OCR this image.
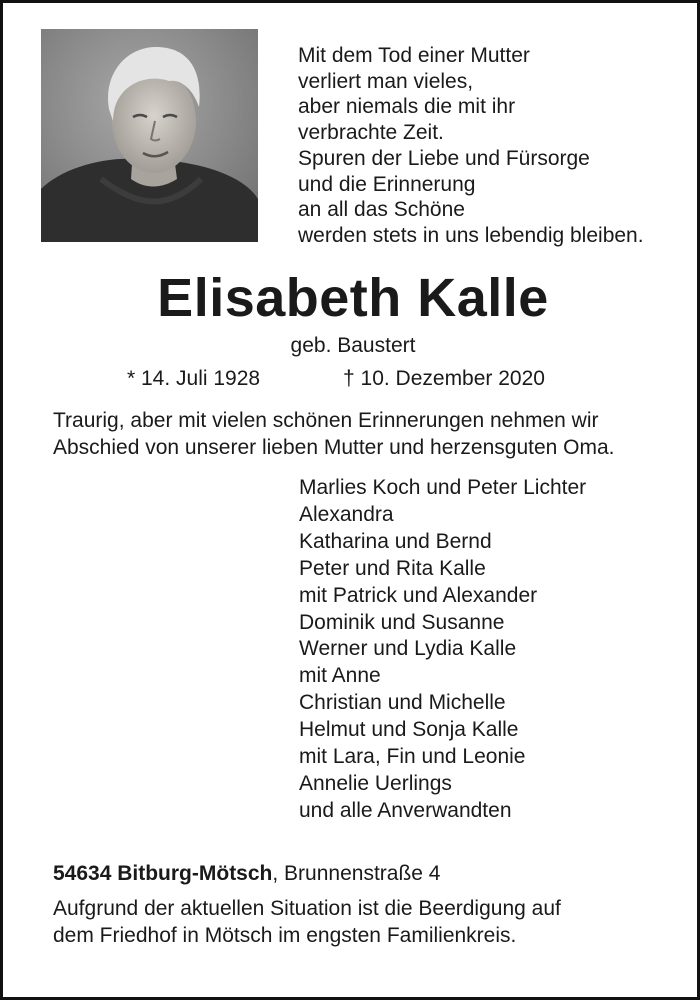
Mit dem Tod einer Mutter
verliert man vieles,
aber niemals die mit ihr
verbrachte Zeit.
Spuren der Liebe und Fürsorge
und die Erinnerung
an all das Schöne
werden stets in uns lebendig bleiben.
Elisabeth Kalle
geb. Baustert
* 14. Juli 1928	† 10. Dezember 2020
Traurig, aber mit vielen schönen Erinnerungen nehmen wir
Abschied von unserer lieben Mutter und herzensguten Oma.
Marlies Koch und Peter Lichter
Alexandra
Katharina und Bernd
Peter und Rita Kalle
mit Patrick und Alexander
Dominik und Susanne
Werner und Lydia Kalle
mit Anne
Christian und Michelle
Helmut und Sonja Kalle
mit Lara, Fin und Leonie
Annelie Uerlings
und alle Anverwandten
54634 Bitburg-Mötsch, Brunnenstraße 4
Aufgrund der aktuellen Situation ist die Beerdigung auf
dem Friedhof in Mötsch im engsten Familienkreis.
